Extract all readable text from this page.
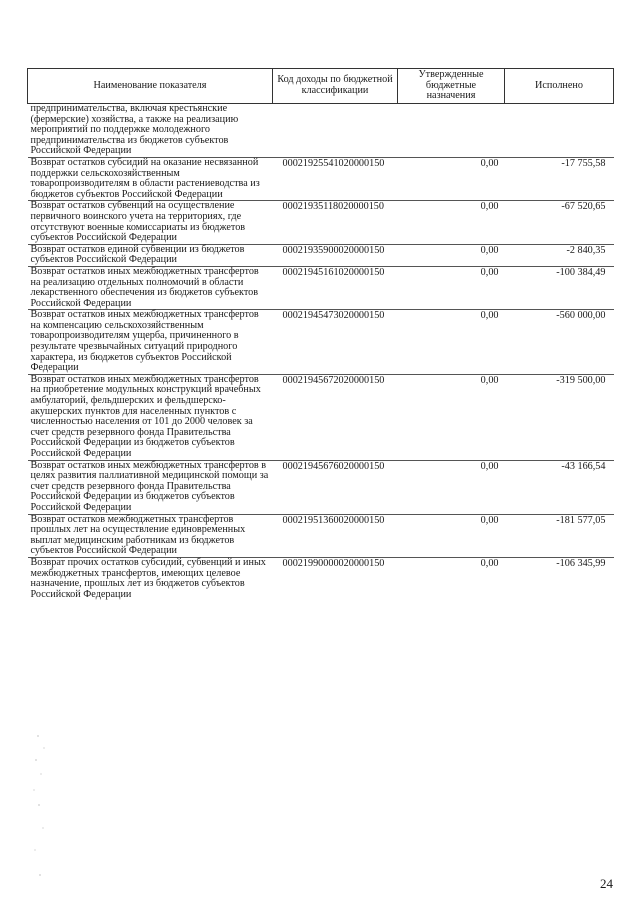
Наименование показателя	Код доходы по бюджетной классификации	Утвержденные бюджетные назначения	Исполнено
предпринимательства, включая крестьянские (фермерские) хозяйства, а также на реализацию мероприятий по поддержке молодежного предпринимательства из бюджетов субъектов Российской Федерации			
Возврат остатков субсидий на оказание несвязанной поддержки сельскохозяйственным товаропроизводителям в области растениеводства из бюджетов субъектов Российской Федерации	00021925541020000150	0,00	-17 755,58
Возврат остатков субвенций на осуществление первичного воинского учета на территориях, где отсутствуют военные комиссариаты из бюджетов субъектов Российской Федерации	00021935118020000150	0,00	-67 520,65
Возврат остатков единой субвенции из бюджетов субъектов Российской Федерации	00021935900020000150	0,00	-2 840,35
Возврат остатков иных межбюджетных трансфертов на реализацию отдельных полномочий в области лекарственного обеспечения из бюджетов субъектов Российской Федерации	00021945161020000150	0,00	-100 384,49
Возврат остатков иных межбюджетных трансфертов на компенсацию сельскохозяйственным товаропроизводителям ущерба, причиненного в результате чрезвычайных ситуаций природного характера, из бюджетов субъектов Российской Федерации	00021945473020000150	0,00	-560 000,00
Возврат остатков иных межбюджетных трансфертов на приобретение модульных конструкций врачебных амбулаторий, фельдшерских и фельдшерско-акушерских пунктов для населенных пунктов с численностью населения от 101 до 2000 человек за счет средств резервного фонда Правительства Российской Федерации из бюджетов субъектов Российской Федерации	00021945672020000150	0,00	-319 500,00
Возврат остатков иных межбюджетных трансфертов в целях развития паллиативной медицинской помощи за счет средств резервного фонда Правительства Российской Федерации из бюджетов субъектов Российской Федерации	00021945676020000150	0,00	-43 166,54
Возврат остатков межбюджетных трансфертов прошлых лет на осуществление единовременных выплат медицинским работникам из бюджетов субъектов Российской Федерации	00021951360020000150	0,00	-181 577,05
Возврат прочих остатков субсидий, субвенций и иных межбюджетных трансфертов, имеющих целевое назначение, прошлых лет из бюджетов субъектов Российской Федерации	00021990000020000150	0,00	-106 345,99
24
